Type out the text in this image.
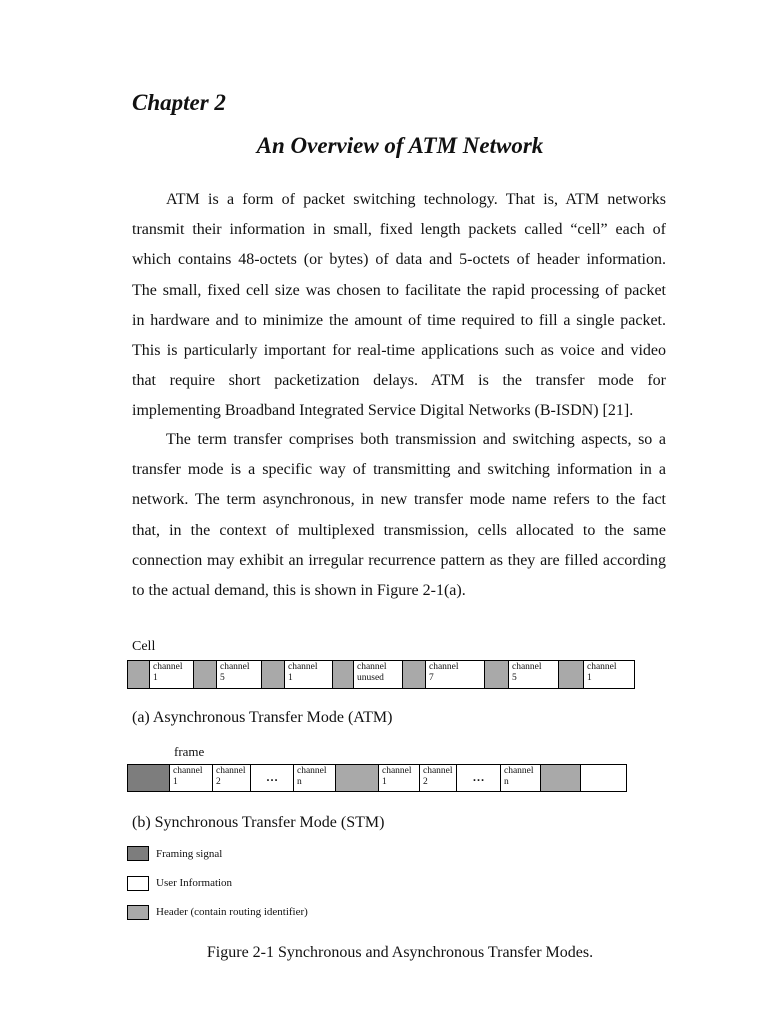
Chapter 2
An Overview of ATM Network
ATM is a form of packet switching technology. That is, ATM networks
transmit their information in small, fixed length packets called “cell” each of
which contains 48-octets (or bytes) of data and 5-octets of header information.
The small, fixed cell size was chosen to facilitate the rapid processing of packet
in hardware and to minimize the amount of time required to fill a single packet.
This is particularly important for real-time applications such as voice and video
that require short packetization delays. ATM is the transfer mode for
implementing Broadband Integrated Service Digital Networks (B-ISDN) [21].
The term transfer comprises both transmission and switching aspects, so a
transfer mode is a specific way of transmitting and switching information in a
network. The term asynchronous, in new transfer mode name refers to the fact
that, in the context of multiplexed transmission, cells allocated to the same
connection may exhibit an irregular recurrence pattern as they are filled according
to the actual demand, this is shown in Figure 2-1(a).
Cell
channel
1
channel
5
channel
1
channel
unused
channel
7
channel
5
channel
1
(a) Asynchronous Transfer Mode (ATM)
frame
channel
1
channel
2	…	channel
n
channel
1
channel
2	…	channel
n
(b) Synchronous Transfer Mode (STM)
Framing signal
User Information
Header (contain routing identifier)
Figure 2-1 Synchronous and Asynchronous Transfer Modes.
